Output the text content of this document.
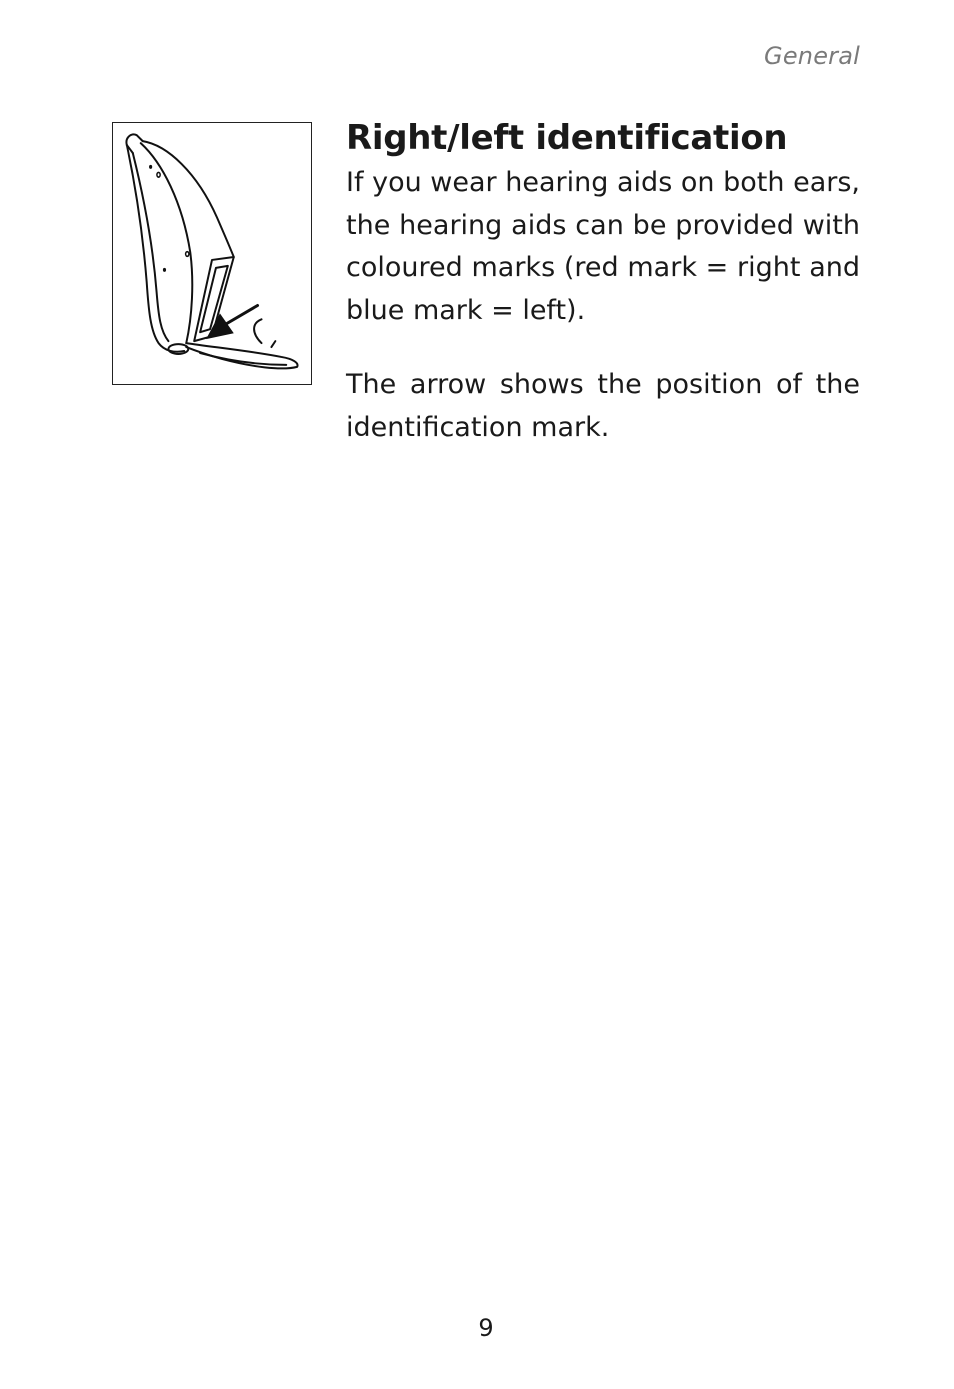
General
Right/left identification

If you wear hearing aids on both ears, the hearing aids can be provided with coloured marks (red mark = right and blue mark = left).

The arrow shows the position of the identification mark.

9
